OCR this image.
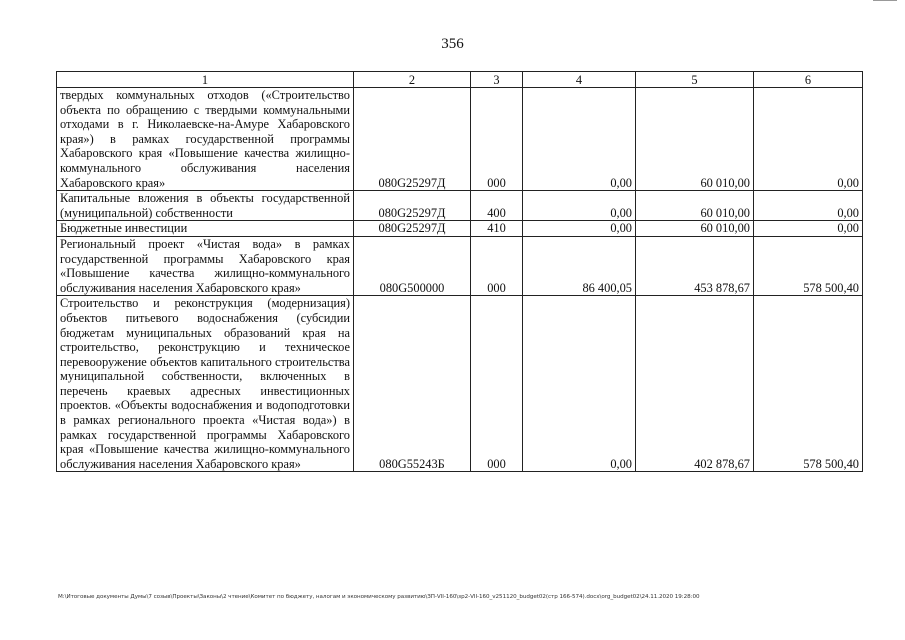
356
1	2	3	4	5	6
твердых коммунальных отходов («Строительство объекта по обращению с твердыми коммунальными отходами в г. Николаевске-на-Амуре Хабаровского края») в рамках государственной программы Хабаровского края «Повышение качества жилищно-коммунального обслуживания населения Хабаровского края»	080G25297Д	000	0,00	60 010,00	0,00
Капитальные вложения в объекты государственной (муниципальной) собственности	080G25297Д	400	0,00	60 010,00	0,00
Бюджетные инвестиции	080G25297Д	410	0,00	60 010,00	0,00
Региональный проект «Чистая вода» в рамках государственной программы Хабаровского края «Повышение качества жилищно-коммунального обслуживания населения Хабаровского края»	080G500000	000	86 400,05	453 878,67	578 500,40
Строительство и реконструкция (модернизация) объектов питьевого водоснабжения (субсидии бюджетам муниципальных образований края на строительство, реконструкцию и техническое перевооружение объектов капитального строительства муниципальной собственности, включенных в перечень краевых адресных инвестиционных проектов. «Объекты водоснабжения и водоподготовки в рамках регионального проекта «Чистая вода») в рамках государственной программы Хабаровского края «Повышение качества жилищно-коммунального обслуживания населения Хабаровского края»	080G55243Б	000	0,00	402 878,67	578 500,40
M:\Итоговые документы Думы\7 созыв\Проекты\Законы\2 чтение\Комитет по бюджету, налогам и экономическому развитию\ЗП-VII-160\зр2-VII-160_v251120_budget02(стр 166-574).docx\org_budget02\24.11.2020 19:28:00
